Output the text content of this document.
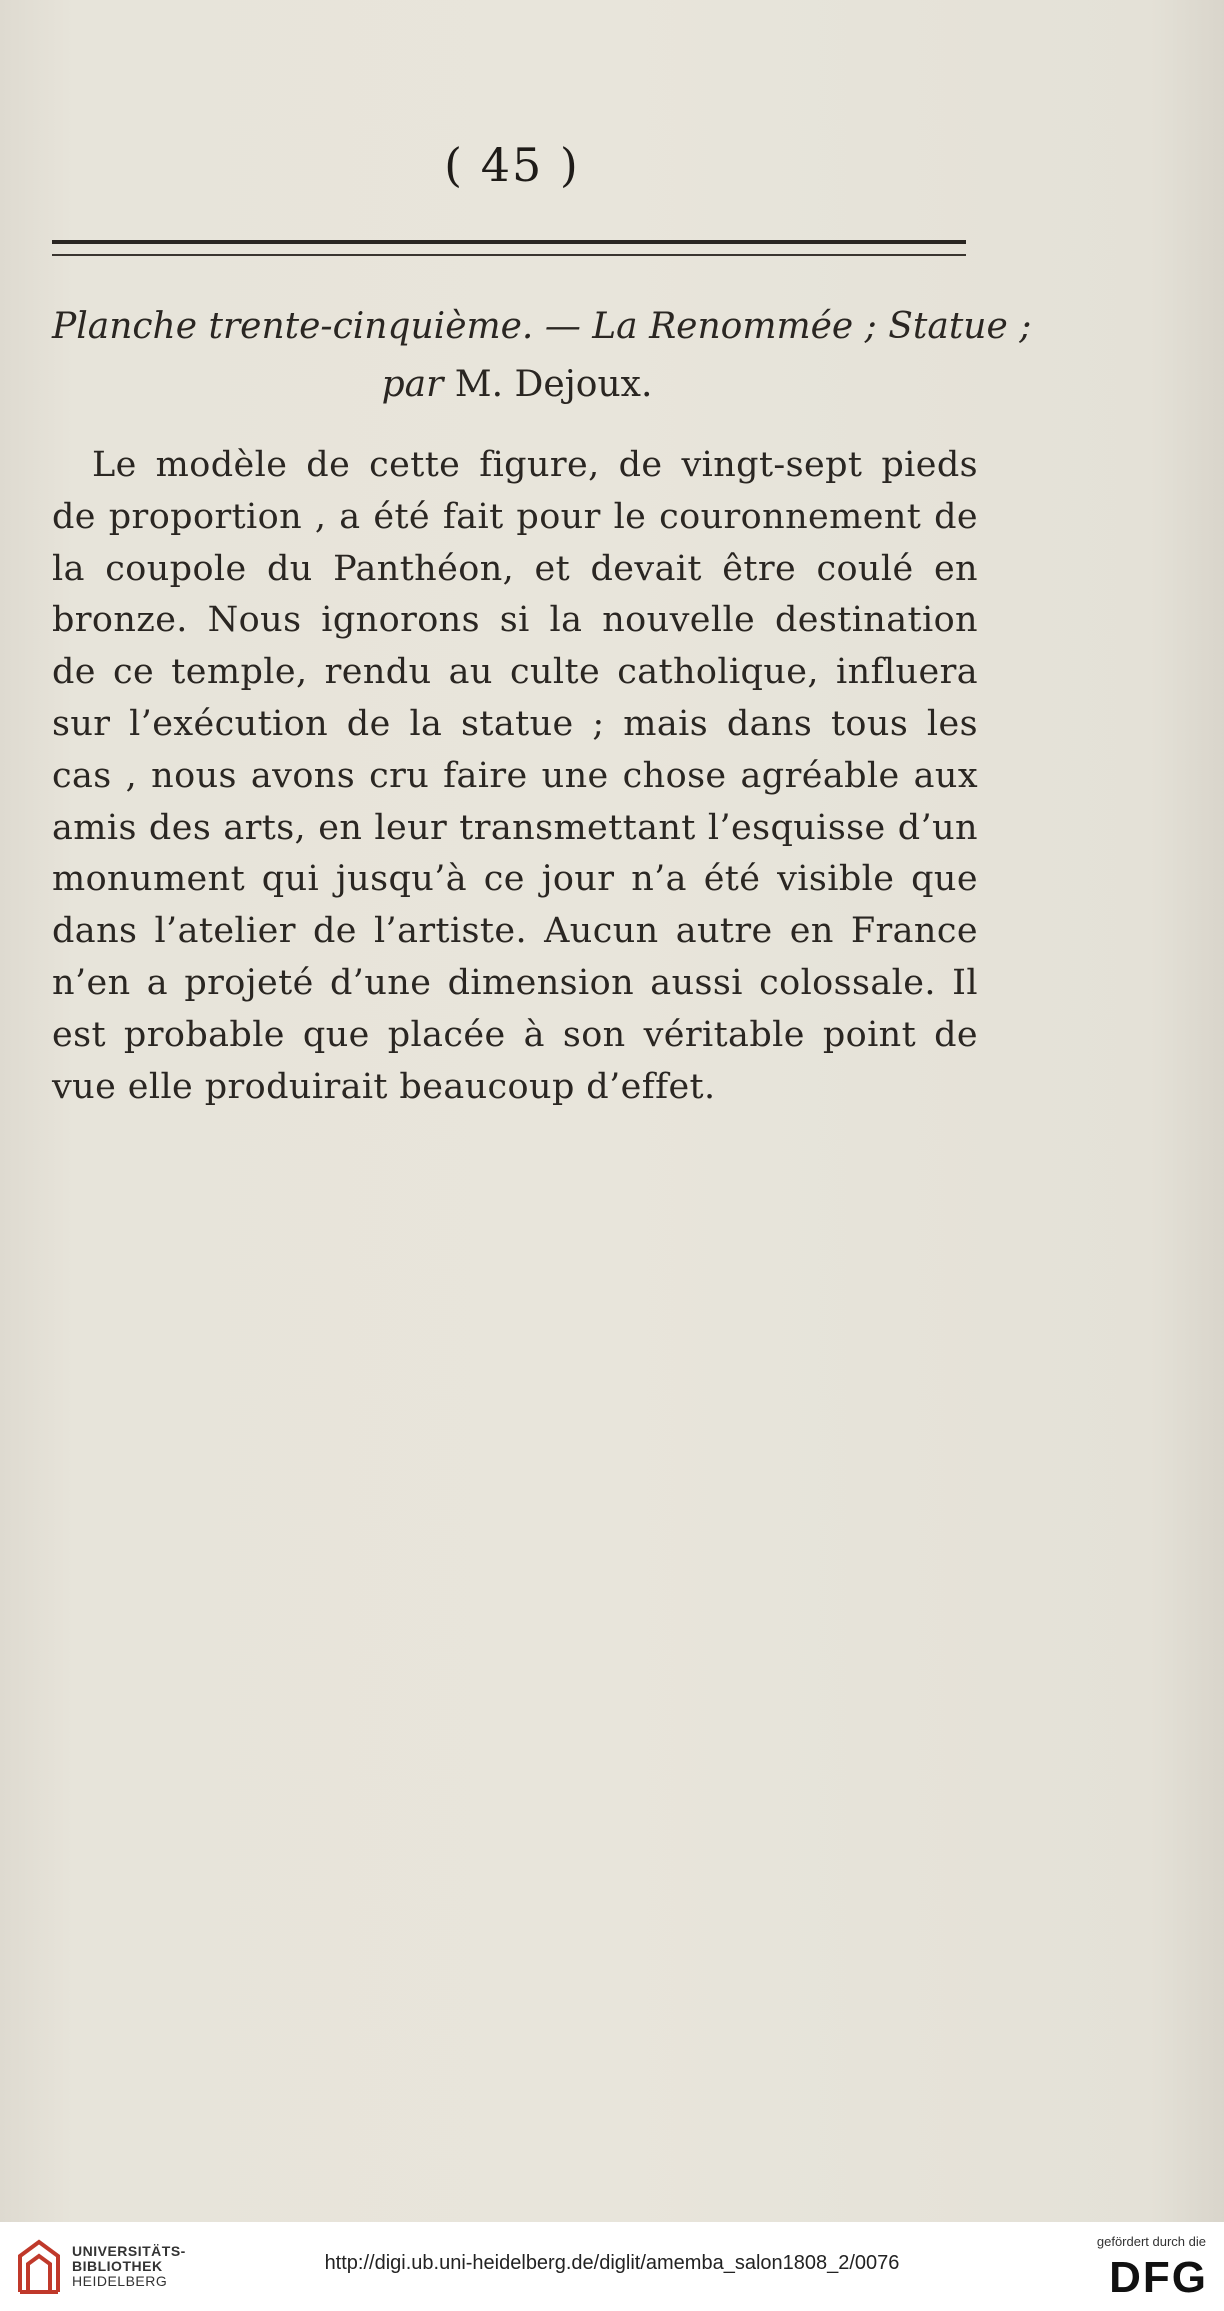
( 45 )
Planche trente-cinquième. — La Renommée ; Statue ;
par M. Dejoux.

Le modèle de cette figure, de vingt-sept pieds de proportion , a été fait pour le couronnement de la coupole du Panthéon, et devait être coulé en bronze. Nous ignorons si la nouvelle destination de ce temple, rendu au culte catholique, influera sur l’exécution de la statue ; mais dans tous les cas , nous avons cru faire une chose agréable aux amis des arts, en leur transmettant l’esquisse d’un monument qui jusqu’à ce jour n’a été visible que dans l’atelier de l’artiste. Aucun autre en France n’en a projeté d’une dimension aussi colossale. Il est probable que placée à son véritable point de vue elle produirait beaucoup d’effet.

UNIVERSITÄTS-
BIBLIOTHEK
HEIDELBERG
http://digi.ub.uni-heidelberg.de/diglit/amemba_salon1808_2/0076
gefördert durch die
DFG
